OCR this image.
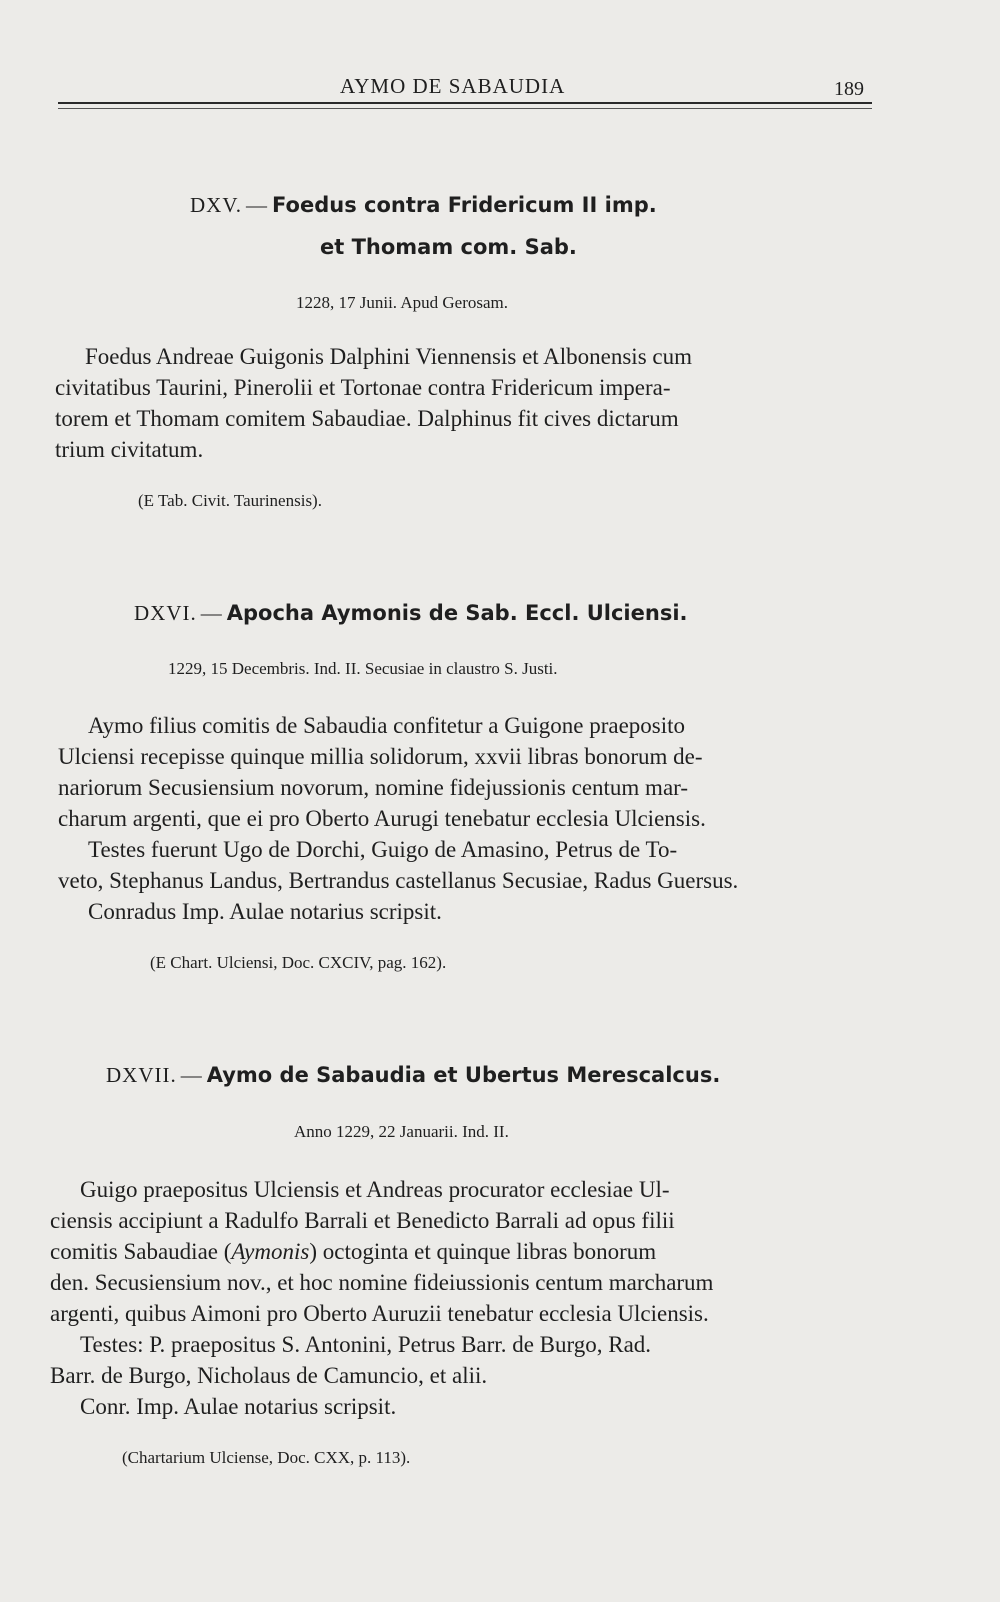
AYMO DE SABAUDIA	189
DXV. — Foedus contra Fridericum II imp.
et Thomam com. Sab.
1228, 17 Junii. Apud Gerosam.
Foedus Andreae Guigonis Dalphini Viennensis et Albonensis cum
civitatibus Taurini, Pinerolii et Tortonae contra Fridericum impera-
torem et Thomam comitem Sabaudiae. Dalphinus fit cives dictarum
trium civitatum.
(E Tab. Civit. Taurinensis).
DXVI. — Apocha Aymonis de Sab. Eccl. Ulciensi.
1229, 15 Decembris. Ind. II. Secusiae in claustro S. Justi.
Aymo filius comitis de Sabaudia confitetur a Guigone praeposito
Ulciensi recepisse quinque millia solidorum, xxvii libras bonorum de-
nariorum Secusiensium novorum, nomine fidejussionis centum mar-
charum argenti, que ei pro Oberto Aurugi tenebatur ecclesia Ulciensis.
Testes fuerunt Ugo de Dorchi, Guigo de Amasino, Petrus de To-
veto, Stephanus Landus, Bertrandus castellanus Secusiae, Radus Guersus.
Conradus Imp. Aulae notarius scripsit.
(E Chart. Ulciensi, Doc. CXCIV, pag. 162).
DXVII. — Aymo de Sabaudia et Ubertus Merescalcus.
Anno 1229, 22 Januarii. Ind. II.
Guigo praepositus Ulciensis et Andreas procurator ecclesiae Ul-
ciensis accipiunt a Radulfo Barrali et Benedicto Barrali ad opus filii
comitis Sabaudiae (Aymonis) octoginta et quinque libras bonorum
den. Secusiensium nov., et hoc nomine fideiussionis centum marcharum
argenti, quibus Aimoni pro Oberto Auruzii tenebatur ecclesia Ulciensis.
Testes: P. praepositus S. Antonini, Petrus Barr. de Burgo, Rad.
Barr. de Burgo, Nicholaus de Camuncio, et alii.
Conr. Imp. Aulae notarius scripsit.
(Chartarium Ulciense, Doc. CXX, p. 113).
